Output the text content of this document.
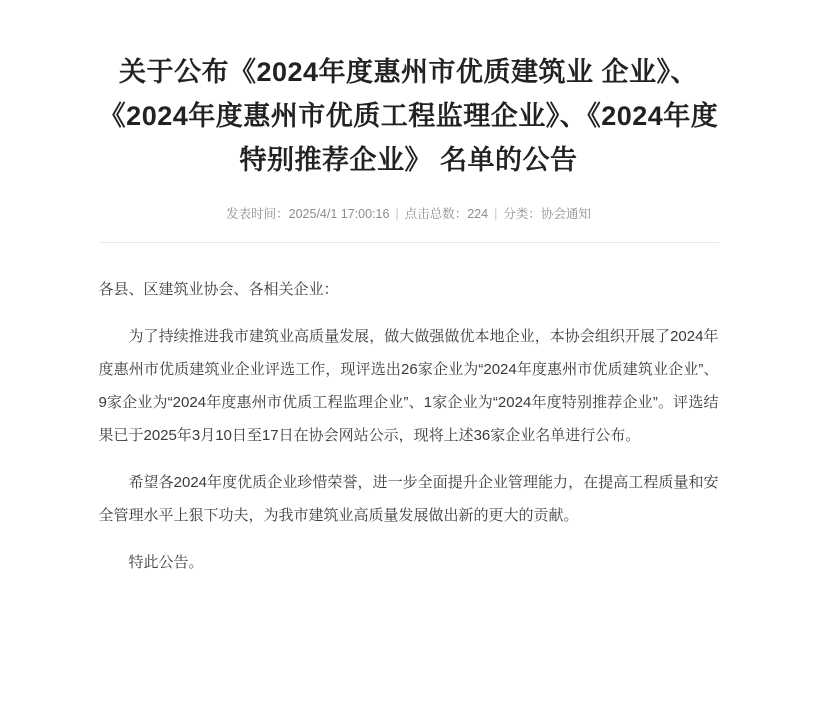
关于公布《2024年度惠州市优质建筑业 企业》、《2024年度惠州市优质工程监理企业》、《2024年度特别推荐企业》 名单的公告
发表时间：2025/4/1 17:00:16 | 点击总数：224 | 分类：协会通知

各县、区建筑业协会、各相关企业：

为了持续推进我市建筑业高质量发展，做大做强做优本地企业，本协会组织开展了2024年度惠州市优质建筑业企业评选工作，现评选出26家企业为“2024年度惠州市优质建筑业企业”、9家企业为“2024年度惠州市优质工程监理企业”、1家企业为“2024年度特别推荐企业”。评选结果已于2025年3月10日至17日在协会网站公示，现将上述36家企业名单进行公布。

希望各2024年度优质企业珍惜荣誉，进一步全面提升企业管理能力，在提高工程质量和安全管理水平上狠下功夫，为我市建筑业高质量发展做出新的更大的贡献。

特此公告。
